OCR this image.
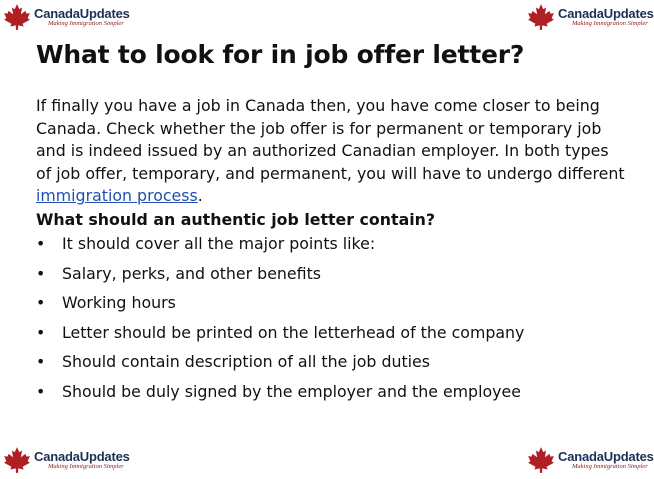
CanadaUpdates
Making Immigration Simpler
CanadaUpdates
Making Immigration Simpler
CanadaUpdates
Making Immigration Simpler
CanadaUpdates
Making Immigration Simpler
What to look for in job offer letter?

If finally you have a job in Canada then, you have come closer to being Canada. Check whether the job offer is for permanent or temporary job and is indeed issued by an authorized Canadian employer. In both types of job offer, temporary, and permanent, you will have to undergo different immigration process.

What should an authentic job letter contain?

•	It should cover all the major points like:
•	Salary, perks, and other benefits
•	Working hours
•	Letter should be printed on the letterhead of the company
•	Should contain description of all the job duties
•	Should be duly signed by the employer and the employee
